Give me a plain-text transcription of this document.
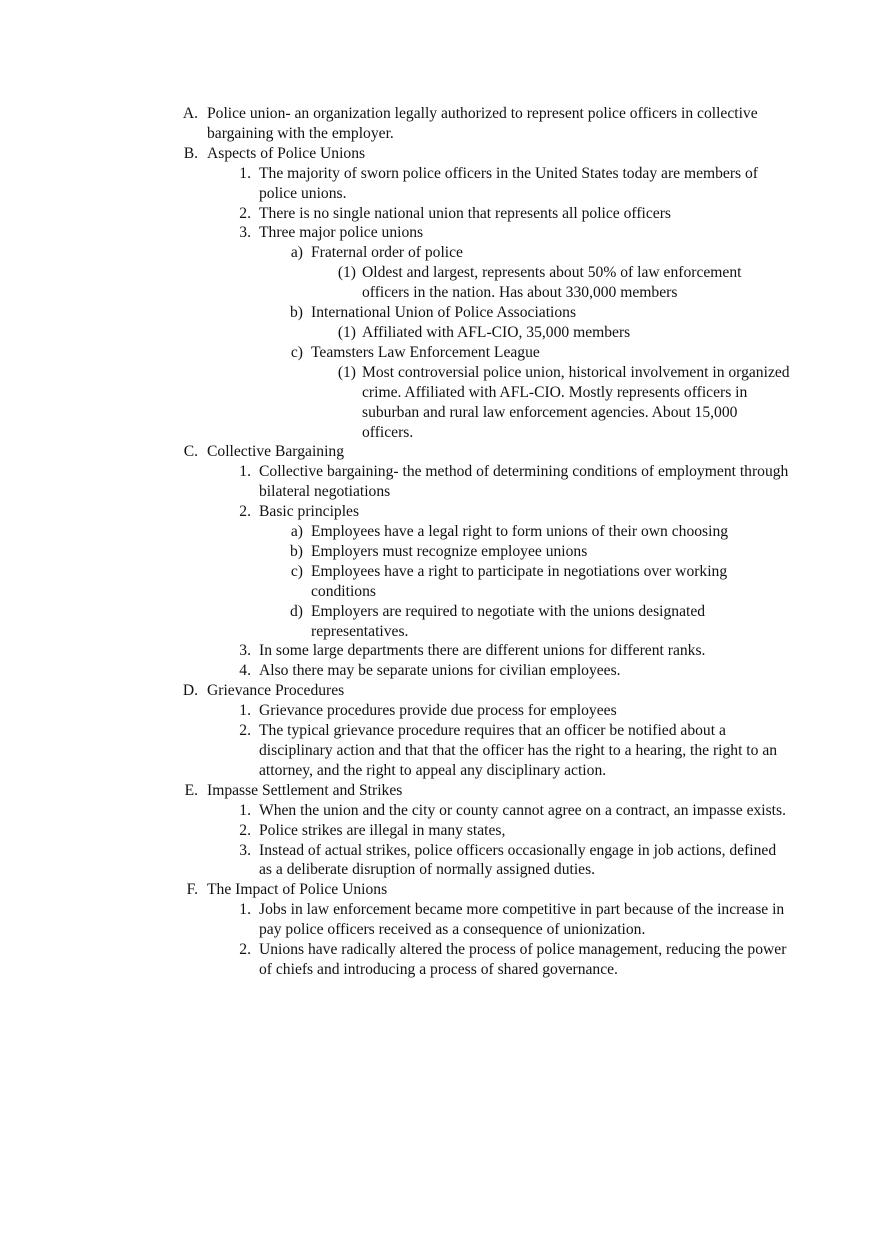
A. Police union- an organization legally authorized to represent police officers in collective bargaining with the employer.
B. Aspects of Police Unions
1. The majority of sworn police officers in the United States today are members of police unions.
2. There is no single national union that represents all police officers
3. Three major police unions
a) Fraternal order of police
(1) Oldest and largest, represents about 50% of law enforcement officers in the nation. Has about 330,000 members
b) International Union of Police Associations
(1) Affiliated with AFL-CIO, 35,000 members
c) Teamsters Law Enforcement League
(1) Most controversial police union, historical involvement in organized crime. Affiliated with AFL-CIO. Mostly represents officers in suburban and rural law enforcement agencies. About 15,000 officers.
C. Collective Bargaining
1. Collective bargaining- the method of determining conditions of employment through bilateral negotiations
2. Basic principles
a) Employees have a legal right to form unions of their own choosing
b) Employers must recognize employee unions
c) Employees have a right to participate in negotiations over working conditions
d) Employers are required to negotiate with the unions designated representatives.
3. In some large departments there are different unions for different ranks.
4. Also there may be separate unions for civilian employees.
D. Grievance Procedures
1. Grievance procedures provide due process for employees
2. The typical grievance procedure requires that an officer be notified about a disciplinary action and that that the officer has the right to a hearing, the right to an attorney, and the right to appeal any disciplinary action.
E. Impasse Settlement and Strikes
1. When the union and the city or county cannot agree on a contract, an impasse exists.
2. Police strikes are illegal in many states,
3. Instead of actual strikes, police officers occasionally engage in job actions, defined as a deliberate disruption of normally assigned duties.
F. The Impact of Police Unions
1. Jobs in law enforcement became more competitive in part because of the increase in pay police officers received as a consequence of unionization.
2. Unions have radically altered the process of police management, reducing the power of chiefs and introducing a process of shared governance.
